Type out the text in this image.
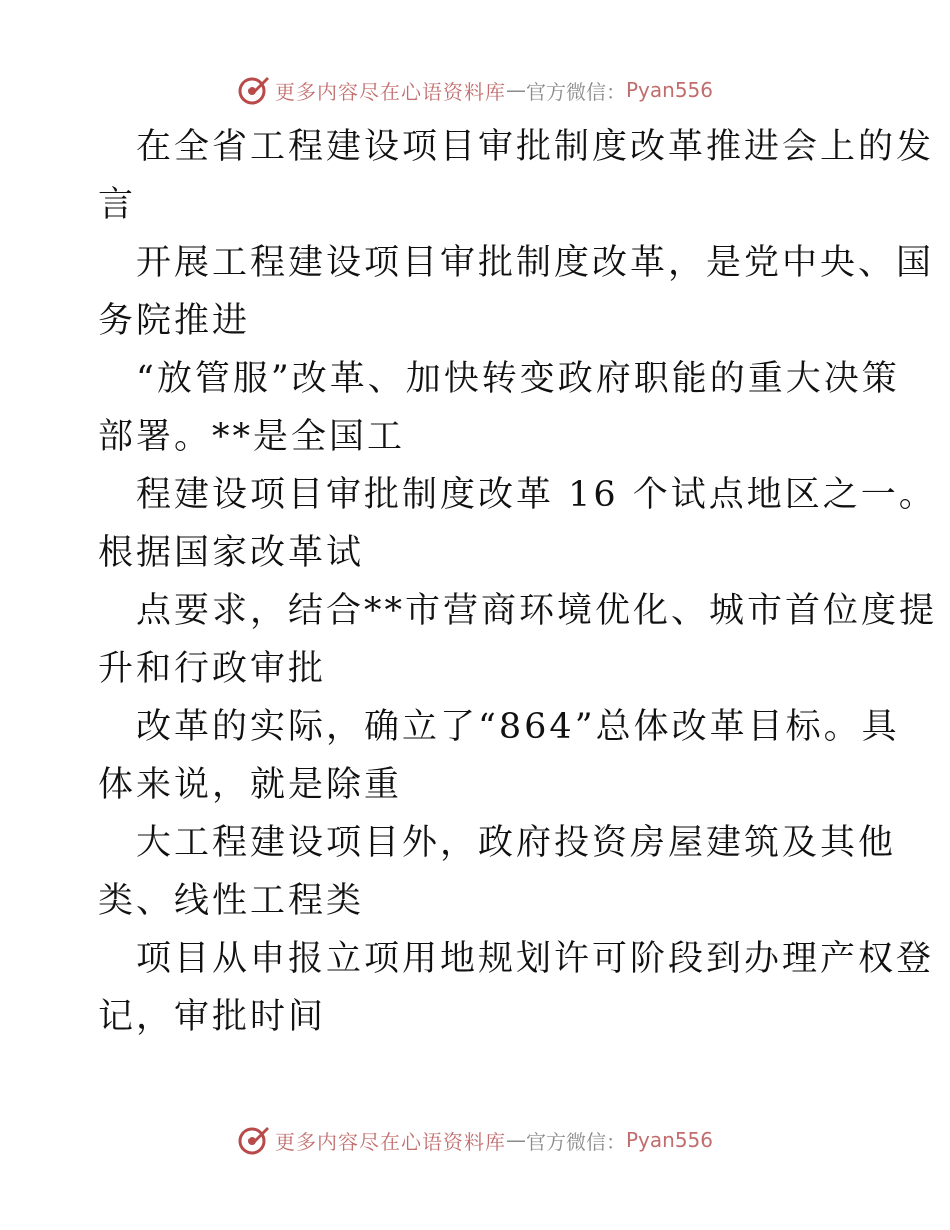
更多内容尽在心语资料库 — 官方微信： Pyan556

在全省工程建设项目审批制度改革推进会上的发
言

开展工程建设项目审批制度改革，是党中央、国
务院推进

“放管服”改革、加快转变政府职能的重大决策
部署。**是全国工

程建设项目审批制度改革 16 个试点地区之一。
根据国家改革试

点要求，结合**市营商环境优化、城市首位度提
升和行政审批

改革的实际，确立了“864”总体改革目标。具
体来说，就是除重

大工程建设项目外，政府投资房屋建筑及其他
类、线性工程类

项目从申报立项用地规划许可阶段到办理产权登
记，审批时间

更多内容尽在心语资料库 — 官方微信： Pyan556
